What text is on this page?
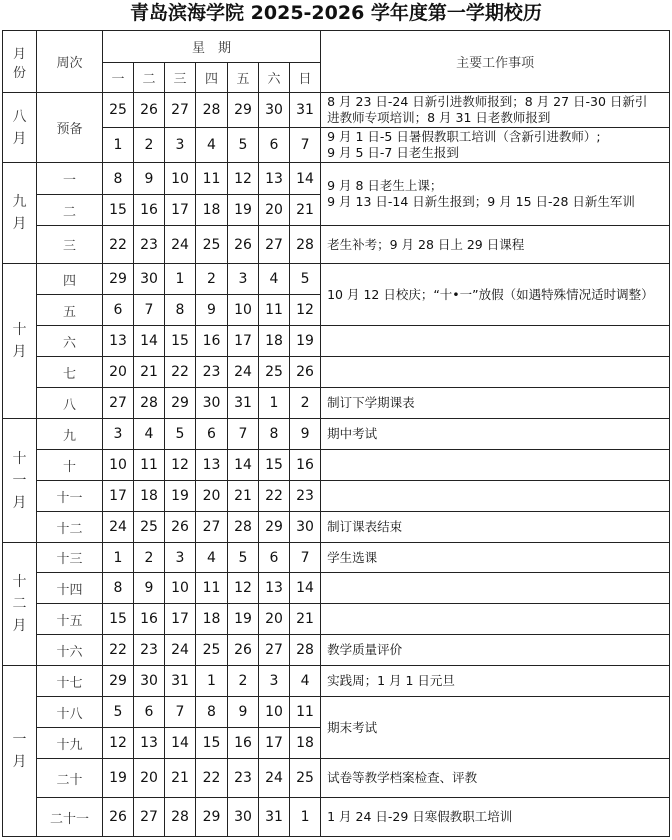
青岛滨海学院 2025-2026 学年度第一学期校历
月
份	周次	星　期							主要工作事项
		一	二	三	四	五	六	日	

八
月	预备	25	26	27	28	29	30	31	8 月 23 日-24 日新引进教师报到；8 月 27 日-30 日新引
进教师专项培训；8 月 31 日老教师报到

		1	2	3	4	5	6	7	9 月 1 日-5 日暑假教职工培训（含新引进教师）;
9 月 5 日-7 日老生报到

九
月	一	8	9	10	11	12	13	14	9 月 8 日老生上课；
9 月 13 日-14 日新生报到；9 月 15 日-28 日新生军训

	二	15	16	17	18	19	20	21	
	三	22	23	24	25	26	27	28	老生补考；9 月 28 日上 29 日课程

十
月	四	29	30	1	2	3	4	5	10 月 12 日校庆；“十•一”放假（如遇特殊情况适时调整）
	五	6	7	8	9	10	11	12	
	六	13	14	15	16	17	18	19	
	七	20	21	22	23	24	25	26	
	八	27	28	29	30	31	1	2	制订下学期课表

十
一
月	九	3	4	5	6	7	8	9	期中考试
	十	10	11	12	13	14	15	16	
	十一	17	18	19	20	21	22	23	
	十二	24	25	26	27	28	29	30	制订课表结束

十
二
月	十三	1	2	3	4	5	6	7	学生选课
	十四	8	9	10	11	12	13	14	
	十五	15	16	17	18	19	20	21	
	十六	22	23	24	25	26	27	28	教学质量评价

一
月	十七	29	30	31	1	2	3	4	实践周；1 月 1 日元旦
	十八	5	6	7	8	9	10	11	期末考试
	十九	12	13	14	15	16	17	18	
	二十	19	20	21	22	23	24	25	试卷等教学档案检查、评教
	二十一	26	27	28	29	30	31	1	1 月 24 日-29 日寒假教职工培训
